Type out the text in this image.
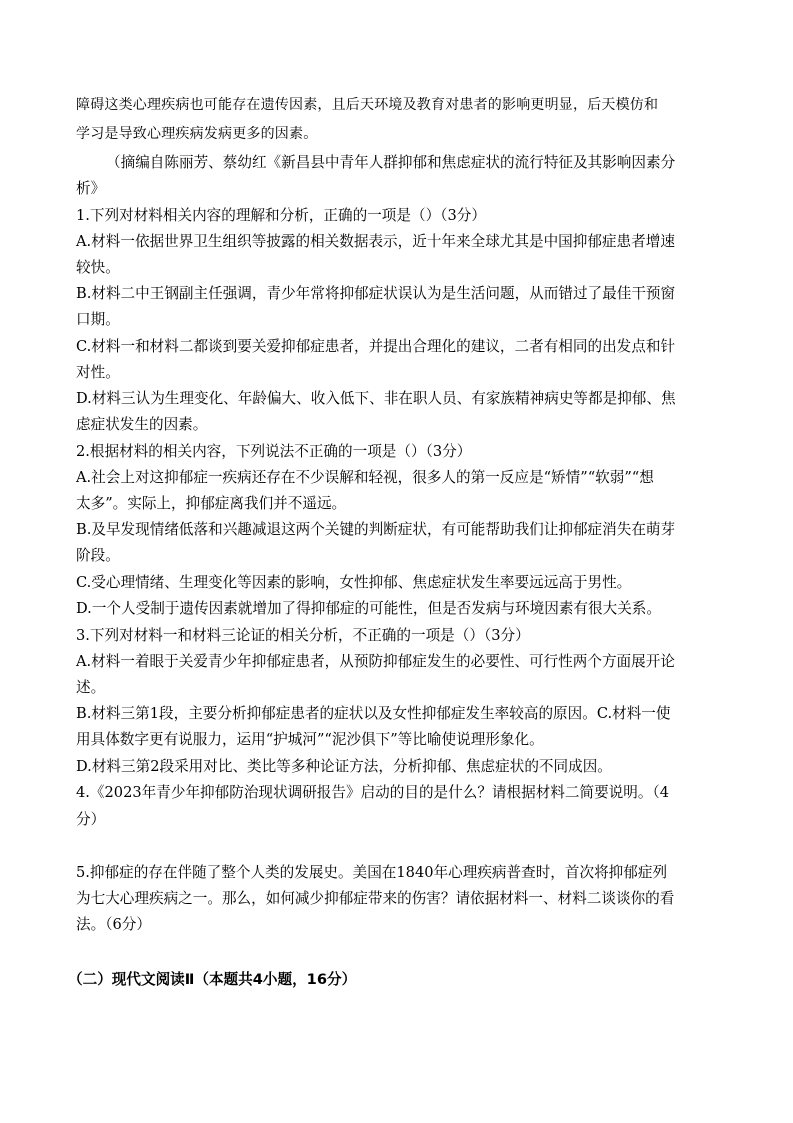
障碍这类心理疾病也可能存在遗传因素，且后天环境及教育对患者的影响更明显，后天模仿和
学习是导致心理疾病发病更多的因素。
（摘编自陈丽芳、蔡幼红《新昌县中青年人群抑郁和焦虑症状的流行特征及其影响因素分
析》
1.下列对材料相关内容的理解和分析，正确的一项是（）（3分）
A.材料一依据世界卫生组织等披露的相关数据表示，近十年来全球尤其是中国抑郁症患者增速
较快。
B.材料二中王钢副主任强调，青少年常将抑郁症状误认为是生活问题，从而错过了最佳干预窗
口期。
C.材料一和材料二都谈到要关爱抑郁症患者，并提出合理化的建议，二者有相同的出发点和针
对性。
D.材料三认为生理变化、年龄偏大、收入低下、非在职人员、有家族精神病史等都是抑郁、焦
虑症状发生的因素。
2.根据材料的相关内容，下列说法不正确的一项是（）（3分）
A.社会上对这抑郁症一疾病还存在不少误解和轻视，很多人的第一反应是“矫情”“软弱”“想
太多”。实际上，抑郁症离我们并不遥远。
B.及早发现情绪低落和兴趣减退这两个关键的判断症状，有可能帮助我们让抑郁症消失在萌芽
阶段。
C.受心理情绪、生理变化等因素的影响，女性抑郁、焦虑症状发生率要远远高于男性。
D.一个人受制于遗传因素就增加了得抑郁症的可能性，但是否发病与环境因素有很大关系。
3.下列对材料一和材料三论证的相关分析，不正确的一项是（）（3分）
A.材料一着眼于关爱青少年抑郁症患者，从预防抑郁症发生的必要性、可行性两个方面展开论
述。
B.材料三第1段，主要分析抑郁症患者的症状以及女性抑郁症发生率较高的原因。C.材料一使
用具体数字更有说服力，运用“护城河”“泥沙俱下”等比喻使说理形象化。
D.材料三第2段采用对比、类比等多种论证方法，分析抑郁、焦虑症状的不同成因。
4.《2023年青少年抑郁防治现状调研报告》启动的目的是什么？请根据材料二简要说明。（4
分）
5.抑郁症的存在伴随了整个人类的发展史。美国在1840年心理疾病普查时，首次将抑郁症列
为七大心理疾病之一。那么，如何减少抑郁症带来的伤害？请依据材料一、材料二谈谈你的看
法。（6分）
（二）现代文阅读Ⅱ（本题共4小题，16分）
